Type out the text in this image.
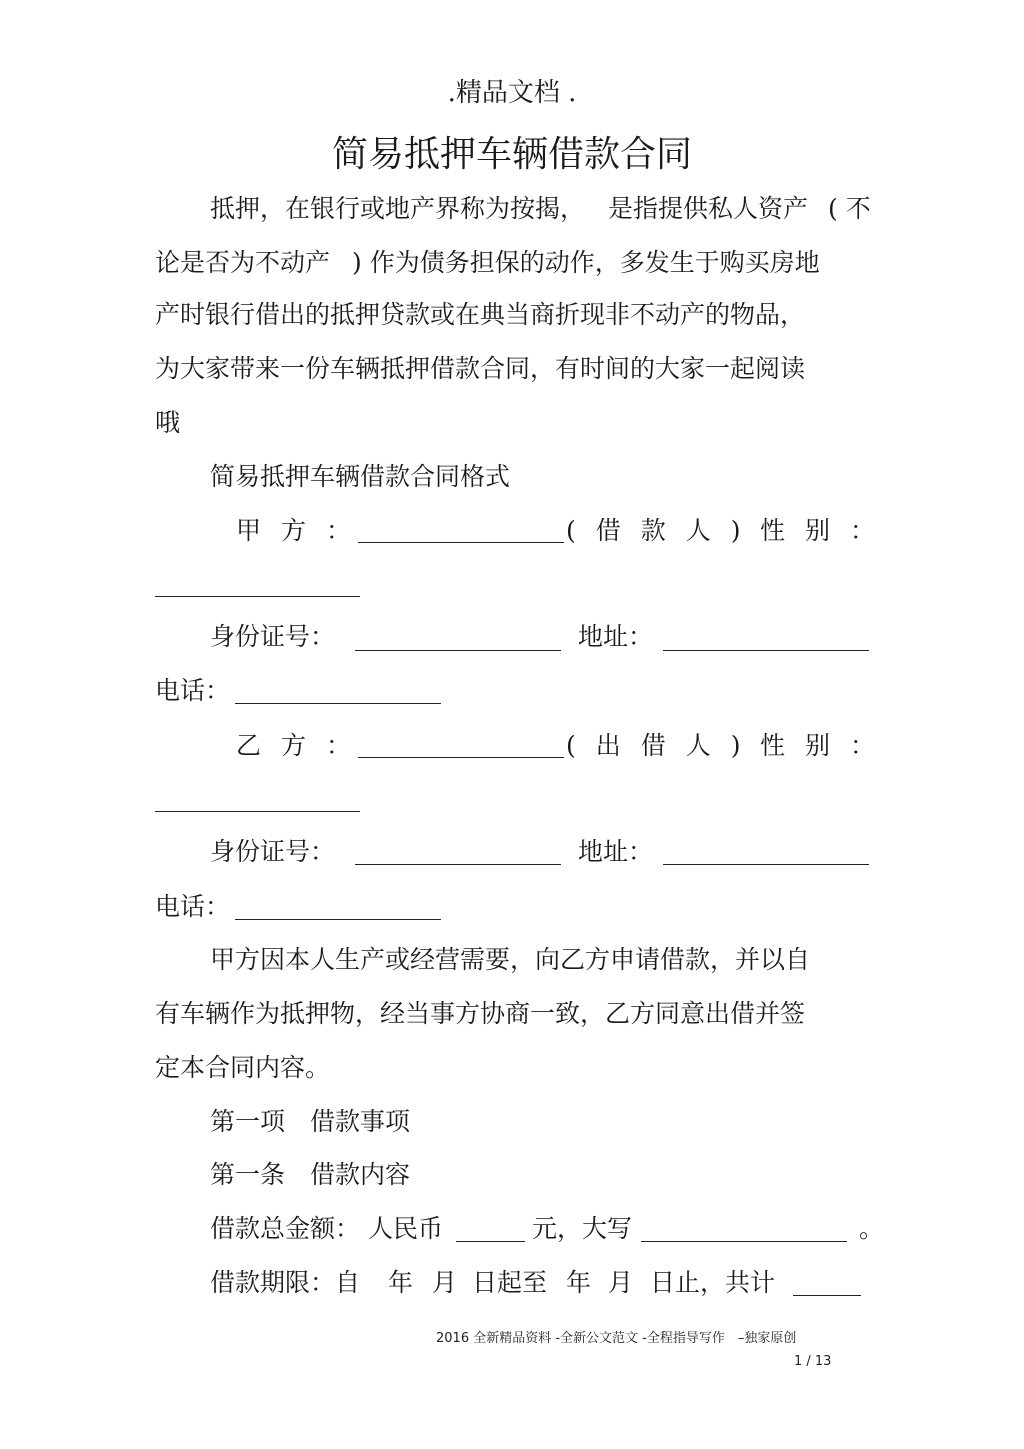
.精品文档 .
简易抵押车辆借款合同
抵押，在银行或地产界称为按揭， 是指提供私人资产 ( 不
论是否为不动产 ) 作为债务担保的动作，多发生于购买房地
产时银行借出的抵押贷款或在典当商折现非不动产的物品，
为大家带来一份车辆抵押借款合同，有时间的大家一起阅读
哦
简易抵押车辆借款合同格式
甲方：	(借款人) 性别：
身份证号：	地址：
电话：
乙方：	(出借人) 性别：
身份证号：	地址：
电话：
甲方因本人生产或经营需要，向乙方申请借款，并以自
有车辆作为抵押物，经当事方协商一致，乙方同意出借并签
定本合同内容。
第一项　借款事项
第一条　借款内容
借款总金额： 人民币	元，大写	　。
借款期限：自 年 月 日起至 年 月 日止，共计
2016 全新精品资料 -全新公文范文 -全程指导写作　–独家原创
1 / 13
